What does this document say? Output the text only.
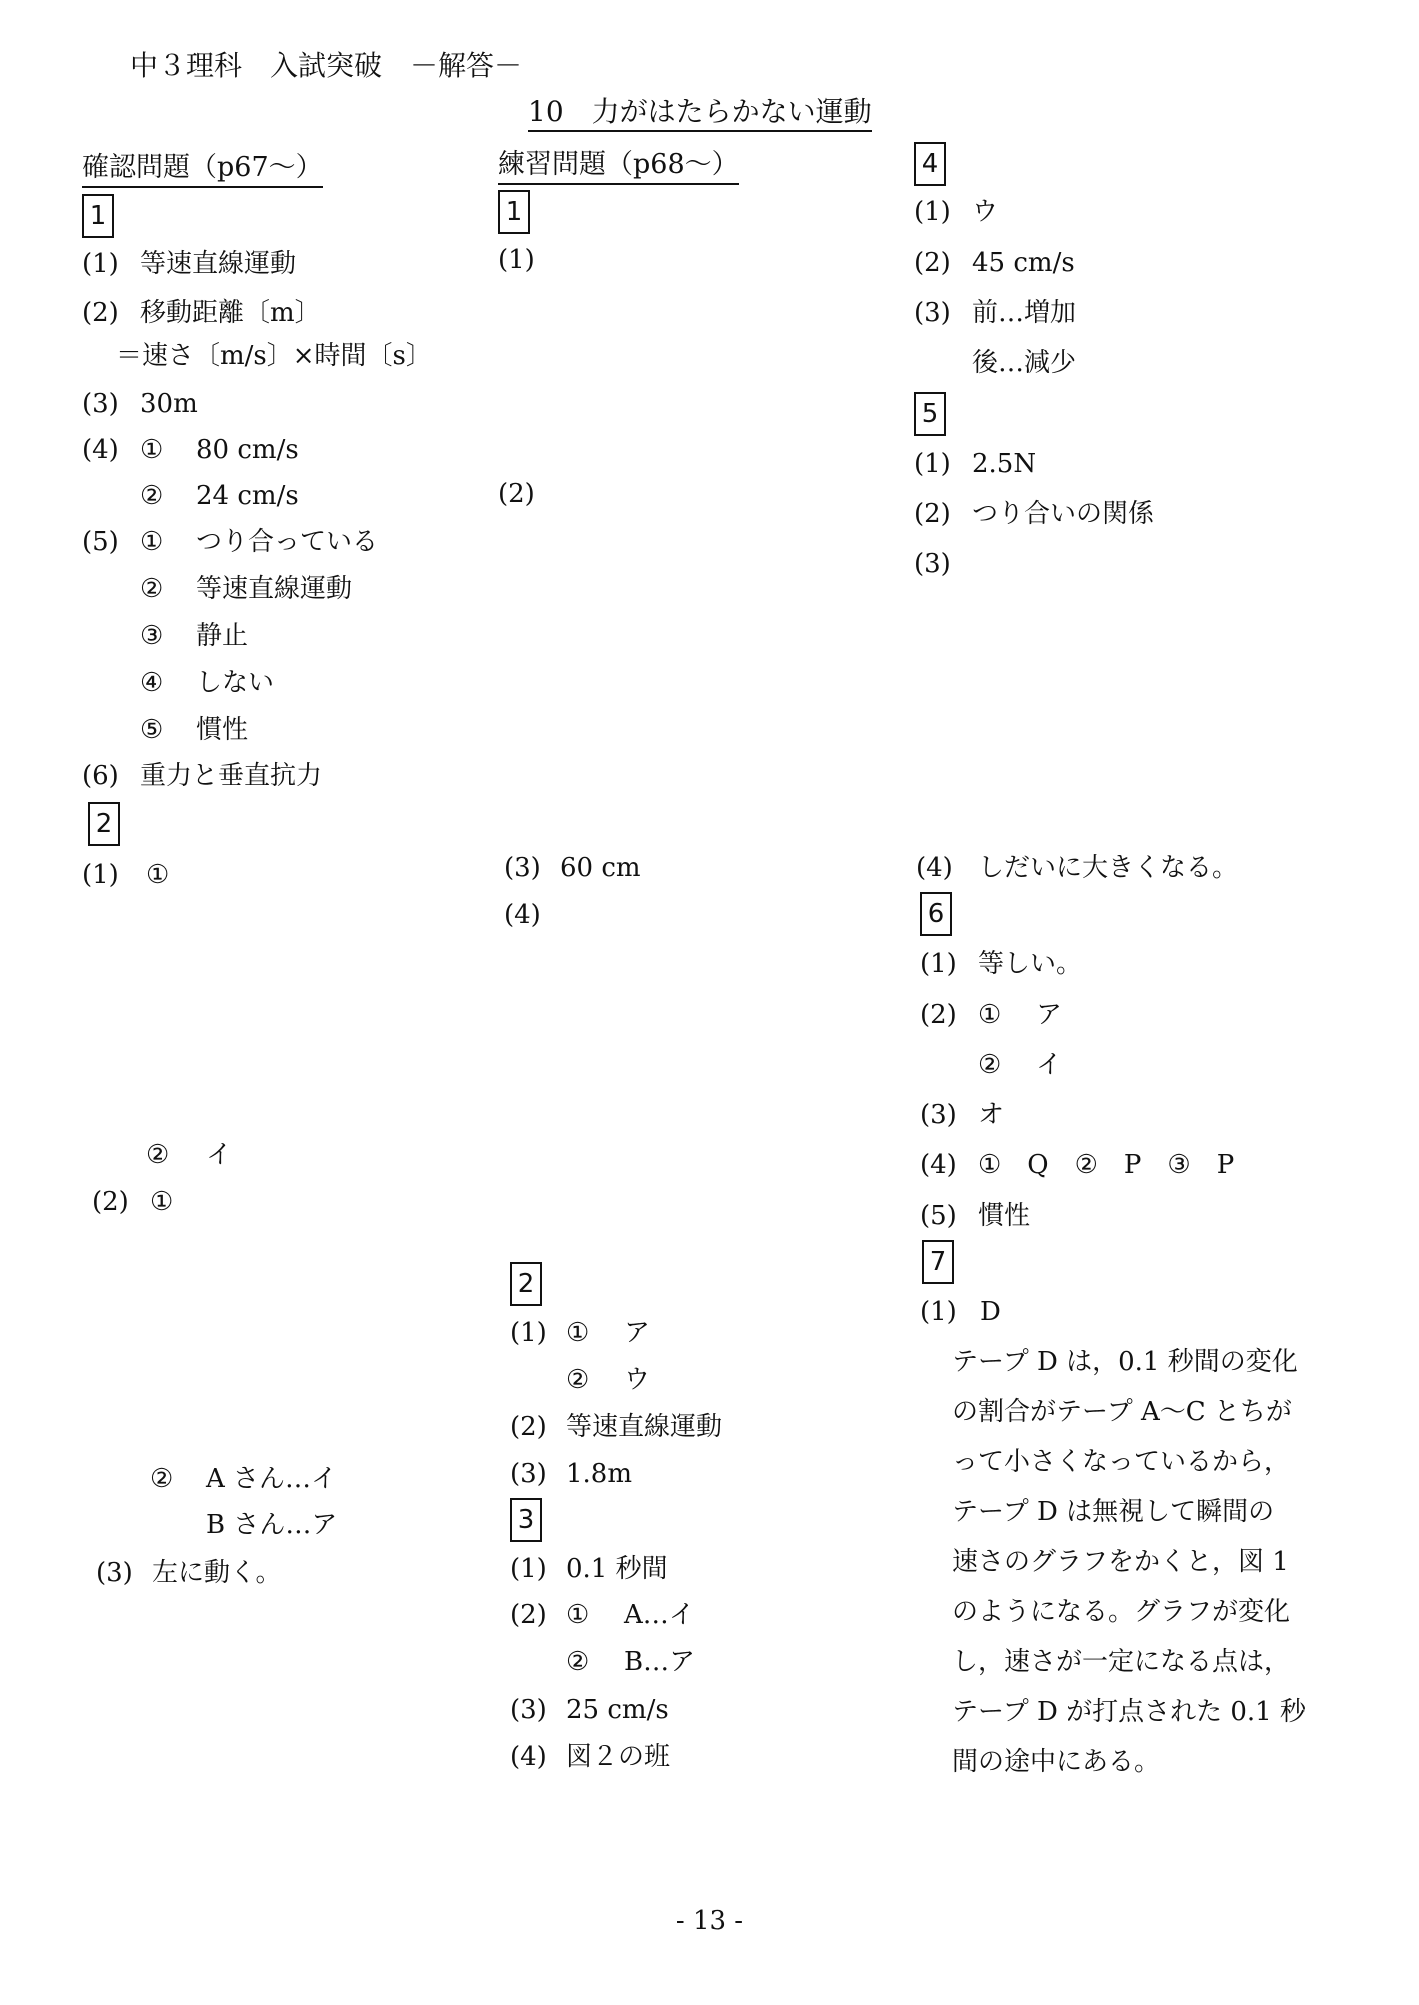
中３理科　入試突破　－解答－
10　力がはたらかない運動
確認問題（p67～）
1
(1) 等速直線運動
(2) 移動距離〔m〕
＝速さ〔m/s〕×時間〔s〕
(3) 30m
(4) ① 80 cm/s
② 24 cm/s
(5) ① つり合っている
② 等速直線運動
③ 静止
④ しない
⑤ 慣性
(6) 重力と垂直抗力
2
(1) ①
② イ
(2) ①
② A さん…イ
B さん…ア
(3) 左に動く。
練習問題（p68～）
1
(1)
(2)
(3) 60 cm
(4)
2
(1) ① ア
② ウ
(2) 等速直線運動
(3) 1.8m
3
(1) 0.1 秒間
(2) ① A…イ
② B…ア
(3) 25 cm/s
(4) 図２の班
4
(1) ウ
(2) 45 cm/s
(3) 前…増加
後…減少
5
(1) 2.5N
(2) つり合いの関係
(3)
(4) しだいに大きくなる。
6
(1) 等しい。
(2) ① ア
② イ
(3) オ
(4) ①　Q　②　P　③　P
(5) 慣性
7
(1) D
テープ D は，0.1 秒間の変化
の割合がテープ A～C とちが
って小さくなっているから，
テープ D は無視して瞬間の
速さのグラフをかくと，図 1
のようになる。グラフが変化
し，速さが一定になる点は，
テープ D が打点された 0.1 秒
間の途中にある。
- 13 -
